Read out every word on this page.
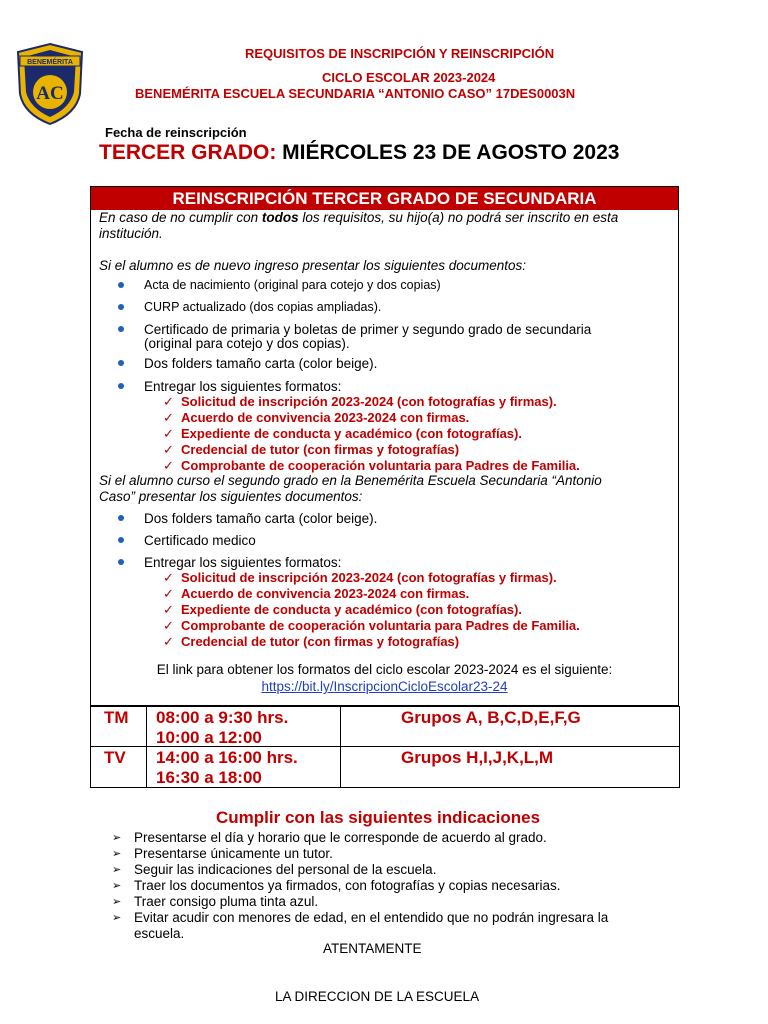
BENEMÉRITA
AC
REQUISITOS DE INSCRIPCIÓN Y REINSCRIPCIÓN
CICLO ESCOLAR 2023-2024
BENEMÉRITA ESCUELA SECUNDARIA “ANTONIO CASO” 17DES0003N
Fecha de reinscripción
TERCER GRADO: MIÉRCOLES 23 DE AGOSTO 2023
REINSCRIPCIÓN TERCER GRADO DE SECUNDARIA
En caso de no cumplir con todos los requisitos, su hijo(a) no podrá ser inscrito en esta
institución.
Si el alumno es de nuevo ingreso presentar los siguientes documentos:
Acta de nacimiento (original para cotejo y dos copias)
CURP actualizado (dos copias ampliadas).
Certificado de primaria y boletas de primer y segundo grado de secundaria
(original para cotejo y dos copias).
Dos folders tamaño carta (color beige).
Entregar los siguientes formatos:
✓ Solicitud de inscripción 2023-2024 (con fotografías y firmas).
✓ Acuerdo de convivencia 2023-2024 con firmas.
✓ Expediente de conducta y académico (con fotografías).
✓ Credencial de tutor (con firmas y fotografías)
✓ Comprobante de cooperación voluntaria para Padres de Familia.
Si el alumno curso el segundo grado en la Benemérita Escuela Secundaria “Antonio
Caso” presentar los siguientes documentos:
Dos folders tamaño carta (color beige).
Certificado medico
Entregar los siguientes formatos:
✓ Solicitud de inscripción 2023-2024 (con fotografías y firmas).
✓ Acuerdo de convivencia 2023-2024 con firmas.
✓ Expediente de conducta y académico (con fotografías).
✓ Comprobante de cooperación voluntaria para Padres de Familia.
✓ Credencial de tutor (con firmas y fotografías)
El link para obtener los formatos del ciclo escolar 2023-2024 es el siguiente:
https://bit.ly/InscripcionCicloEscolar23-24
TM 08:00 a 9:30 hrs.
10:00 a 12:00
Grupos A, B,C,D,E,F,G
TV 14:00 a 16:00 hrs.
16:30 a 18:00
Grupos H,I,J,K,L,M
Cumplir con las siguientes indicaciones
➢ Presentarse el día y horario que le corresponde de acuerdo al grado.
➢ Presentarse únicamente un tutor.
➢ Seguir las indicaciones del personal de la escuela.
➢ Traer los documentos ya firmados, con fotografías y copias necesarias.
➢ Traer consigo pluma tinta azul.
➢ Evitar acudir con menores de edad, en el entendido que no podrán ingresara la
escuela.
ATENTAMENTE
LA DIRECCION DE LA ESCUELA
